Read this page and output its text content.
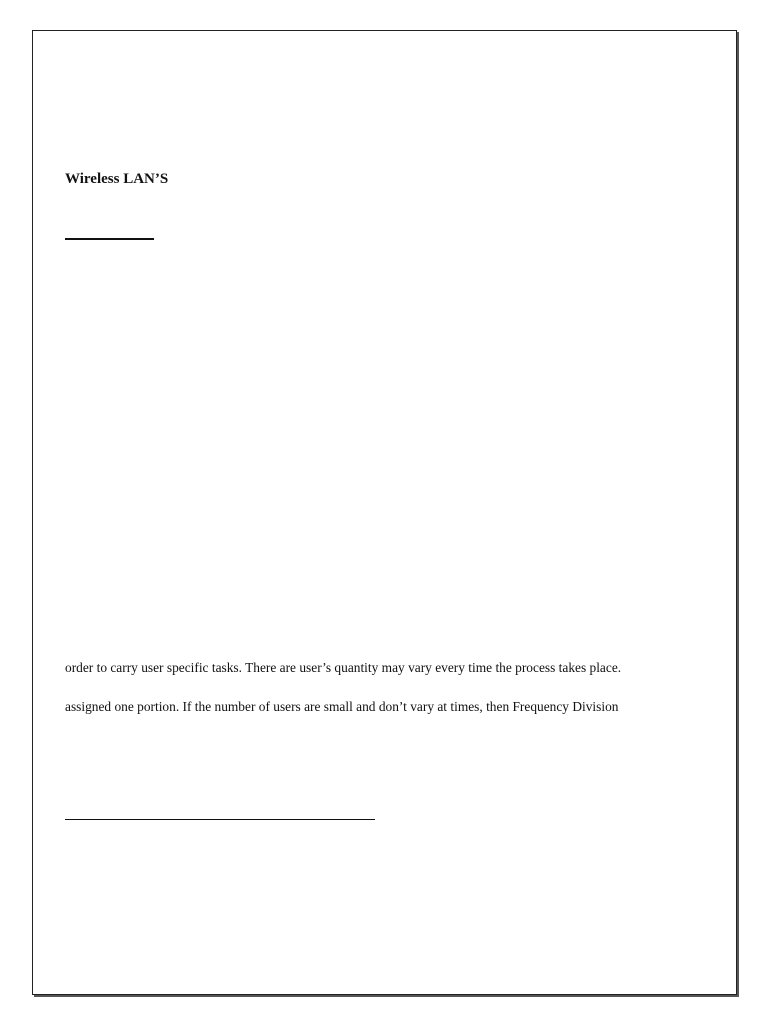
Wireless LAN’S

order to carry user specific tasks. There are user’s quantity may vary every time the process takes place.

assigned one portion. If the number of users are small and don’t vary at times, then Frequency Division
